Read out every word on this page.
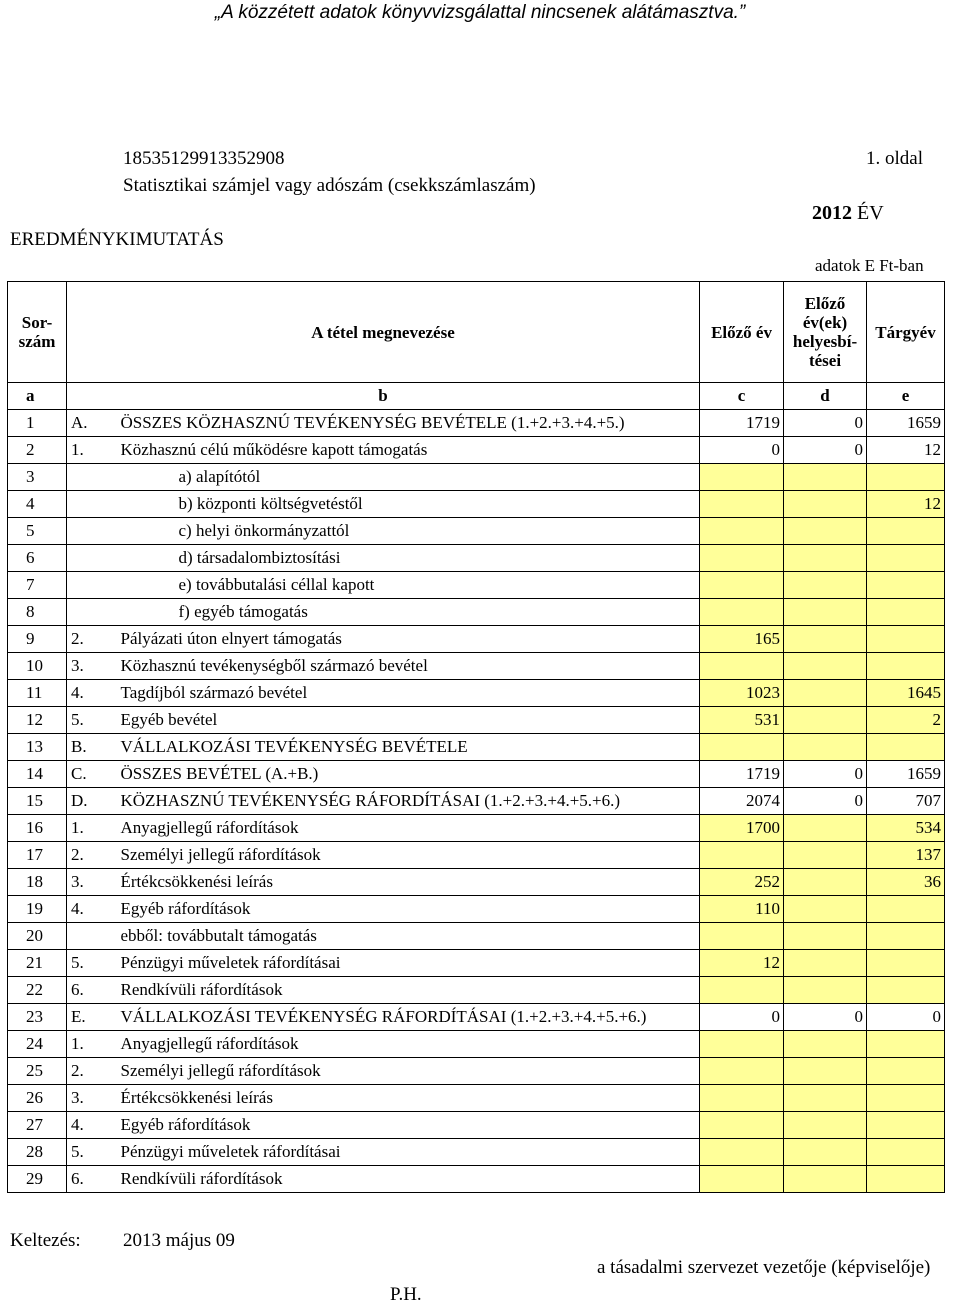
„A közzétett adatok könyvvizsgálattal nincsenek alátámasztva.”
18535129913352908
Statisztikai számjel vagy adószám (csekkszámlaszám)
1. oldal
2012 ÉV
EREDMÉNYKIMUTATÁS
adatok E Ft-ban
Sor-
szám	A tétel megnevezése		Előző év	Előző
év(ek)
helyesbí-
tései	Tárgyév
a	b		c	d	e
1	A.	ÖSSZES KÖZHASZNÚ TEVÉKENYSÉG BEVÉTELE (1.+2.+3.+4.+5.)	1719	0	1659
2	1.	Közhasznú célú működésre kapott támogatás	0	0	12
3		a) alapítótól			
4		b) központi költségvetéstől			12
5		c) helyi önkormányzattól			
6		d) társadalombiztosítási			
7		e) továbbutalási céllal kapott			
8		f) egyéb támogatás			
9	2.	Pályázati úton elnyert támogatás	165		
10	3.	Közhasznú tevékenységből származó bevétel			
11	4.	Tagdíjból származó bevétel	1023		1645
12	5.	Egyéb bevétel	531		2
13	B.	VÁLLALKOZÁSI TEVÉKENYSÉG BEVÉTELE			
14	C.	ÖSSZES BEVÉTEL (A.+B.)	1719	0	1659
15	D.	KÖZHASZNÚ TEVÉKENYSÉG RÁFORDÍTÁSAI (1.+2.+3.+4.+5.+6.)	2074	0	707
16	1.	Anyagjellegű ráfordítások	1700		534
17	2.	Személyi jellegű ráfordítások			137
18	3.	Értékcsökkenési leírás	252		36
19	4.	Egyéb ráfordítások	110		
20		ebből: továbbutalt támogatás			
21	5.	Pénzügyi műveletek ráfordításai	12		
22	6.	Rendkívüli ráfordítások			
23	E.	VÁLLALKOZÁSI TEVÉKENYSÉG RÁFORDÍTÁSAI (1.+2.+3.+4.+5.+6.)	0	0	0
24	1.	Anyagjellegű ráfordítások			
25	2.	Személyi jellegű ráfordítások			
26	3.	Értékcsökkenési leírás			
27	4.	Egyéb ráfordítások			
28	5.	Pénzügyi műveletek ráfordításai			
29	6.	Rendkívüli ráfordítások			
Keltezés: 2013 május 09
a tásadalmi szervezet vezetője (képviselője)
P.H.
